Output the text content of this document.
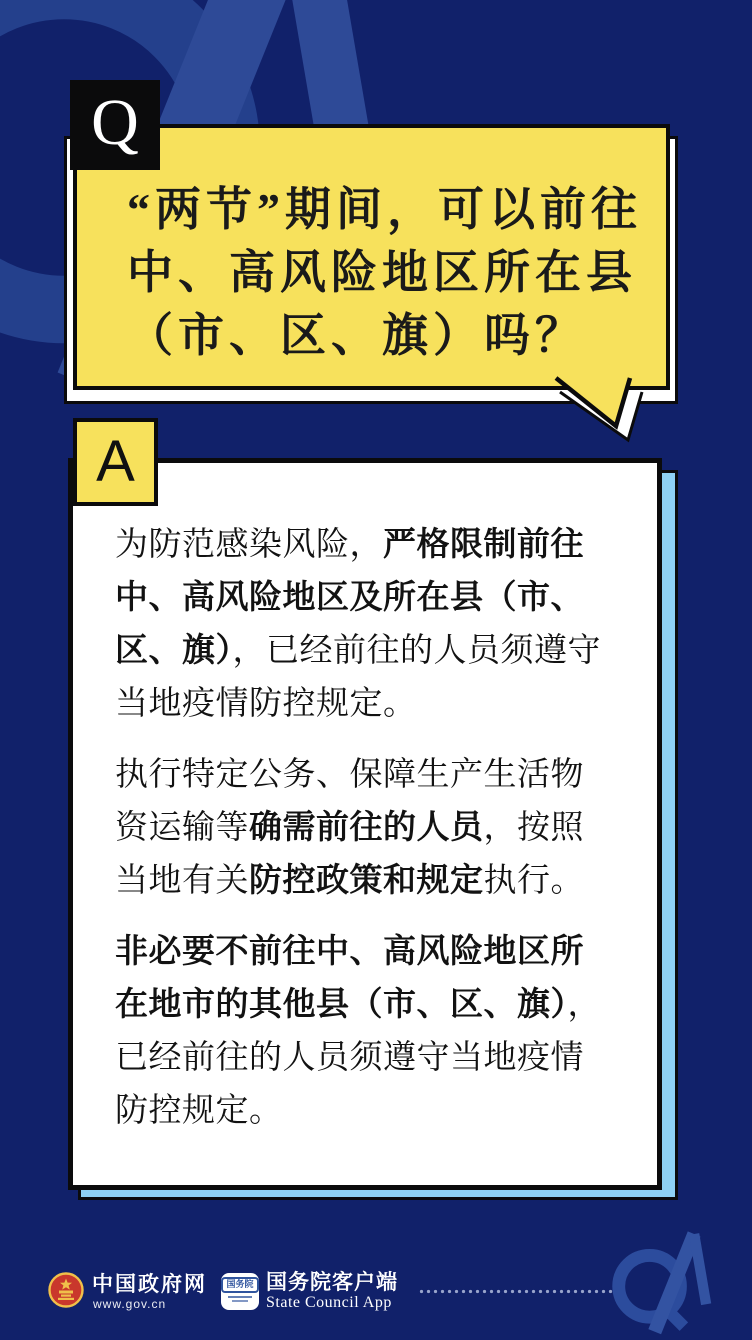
Q
“两节”期间，可以前往
中、高风险地区所在县
（市、区、旗）吗？
A

为防范感染风险，严格限制前往中、高风险地区及所在县（市、区、旗），已经前往的人员须遵守当地疫情防控规定。

执行特定公务、保障生产生活物资运输等确需前往的人员，按照当地有关防控政策和规定执行。

非必要不前往中、高风险地区所在地市的其他县（市、区、旗），已经前往的人员须遵守当地疫情防控规定。

中国政府网
www.gov.cn
国务院 国务院客户端
State Council App
